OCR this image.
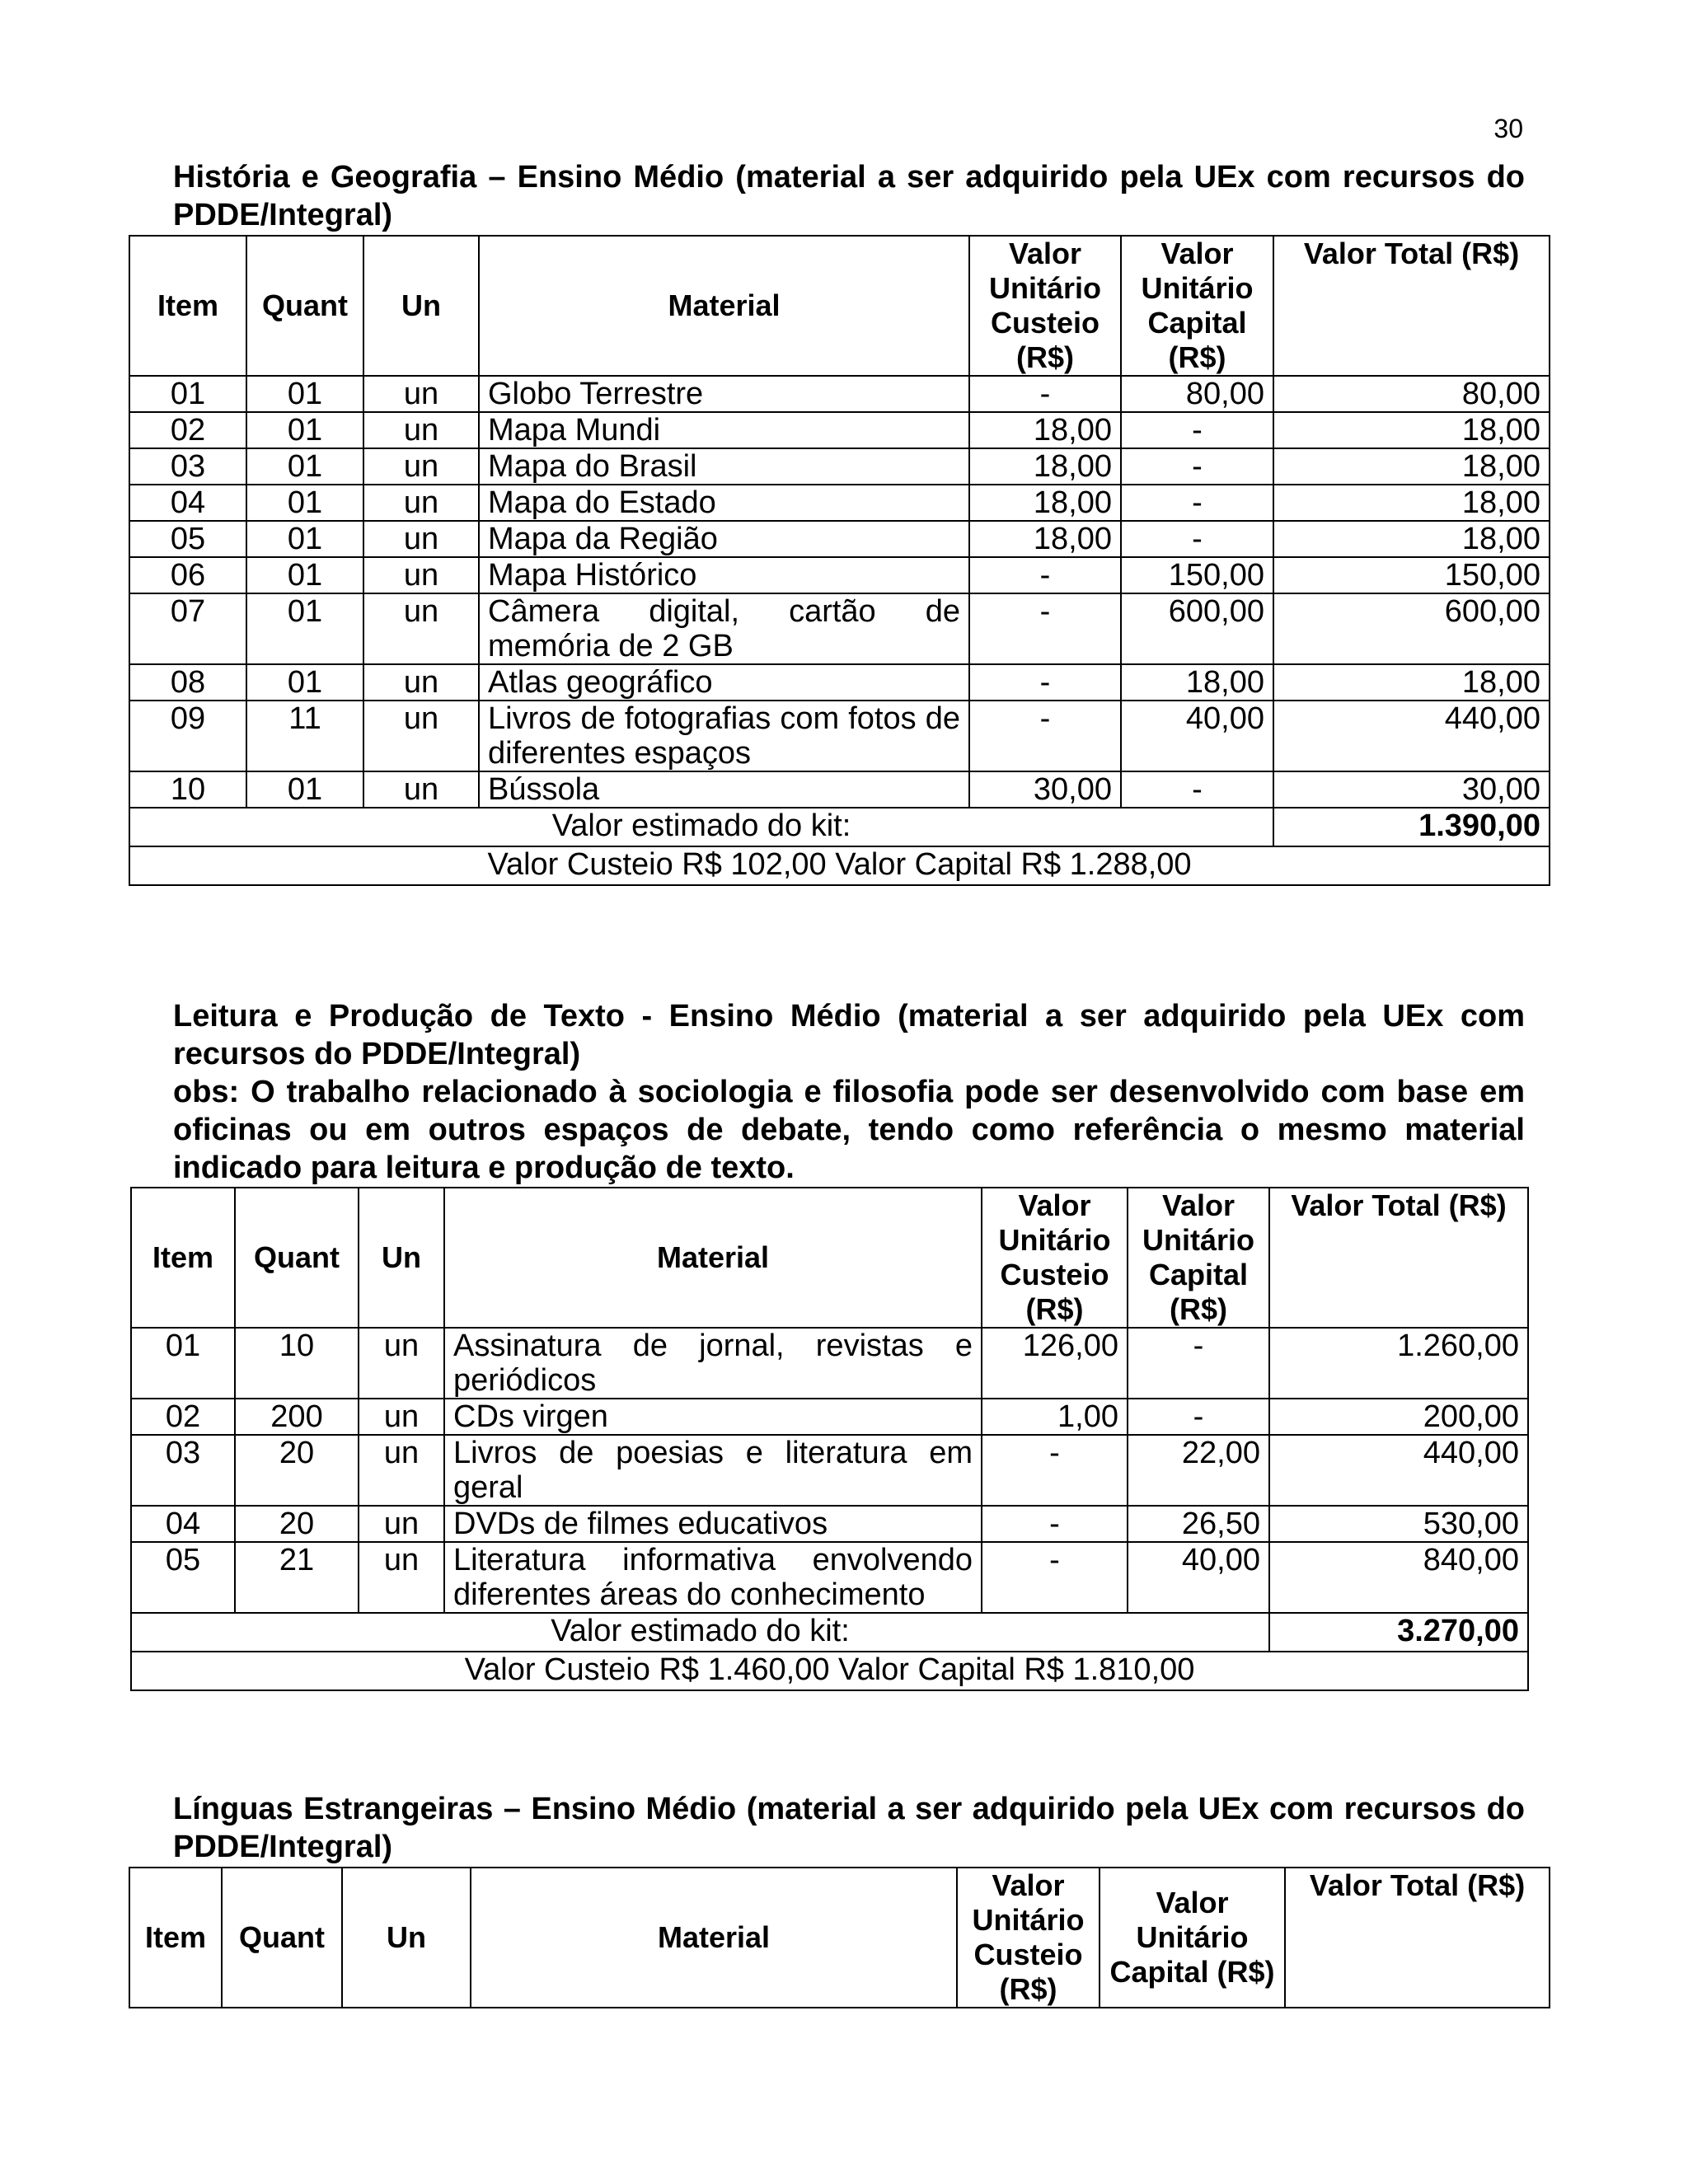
30

História e Geografia – Ensino Médio (material a ser adquirido pela UEx com recursos do PDDE/Integral)

Item	Quant	Un	Material	Valor Unitário Custeio (R$)	Valor Unitário Capital (R$)	Valor Total (R$)
01	01	un	Globo Terrestre	-	80,00	80,00
02	01	un	Mapa Mundi	18,00	-	18,00
03	01	un	Mapa do Brasil	18,00	-	18,00
04	01	un	Mapa do Estado	18,00	-	18,00
05	01	un	Mapa da Região	18,00	-	18,00
06	01	un	Mapa Histórico	-	150,00	150,00
07	01	un	Câmera digital, cartão de memória de 2 GB	-	600,00	600,00
08	01	un	Atlas geográfico	-	18,00	18,00
09	11	un	Livros de fotografias com fotos de diferentes espaços	-	40,00	440,00
10	01	un	Bússola	30,00	-	30,00
Valor estimado do kit:						1.390,00
Valor Custeio R$ 102,00 Valor Capital R$ 1.288,00						

Leitura e Produção de Texto - Ensino Médio (material a ser adquirido pela UEx com recursos do PDDE/Integral)
obs: O trabalho relacionado à sociologia e filosofia pode ser desenvolvido com base em oficinas ou em outros espaços de debate, tendo como referência o mesmo material indicado para leitura e produção de texto.

Item	Quant	Un	Material	Valor Unitário Custeio (R$)	Valor Unitário Capital (R$)	Valor Total (R$)
01	10	un	Assinatura de jornal, revistas e periódicos	126,00	-	1.260,00
02	200	un	CDs virgen	1,00	-	200,00
03	20	un	Livros de poesias e literatura em geral	-	22,00	440,00
04	20	un	DVDs de filmes educativos	-	26,50	530,00
05	21	un	Literatura informativa envolvendo diferentes áreas do conhecimento	-	40,00	840,00
Valor estimado do kit:						3.270,00
Valor Custeio R$ 1.460,00 Valor Capital R$ 1.810,00						

Línguas Estrangeiras – Ensino Médio (material a ser adquirido pela UEx com recursos do PDDE/Integral)

Item	Quant	Un	Material	Valor Unitário Custeio (R$)	Valor Unitário Capital (R$)	Valor Total (R$)
